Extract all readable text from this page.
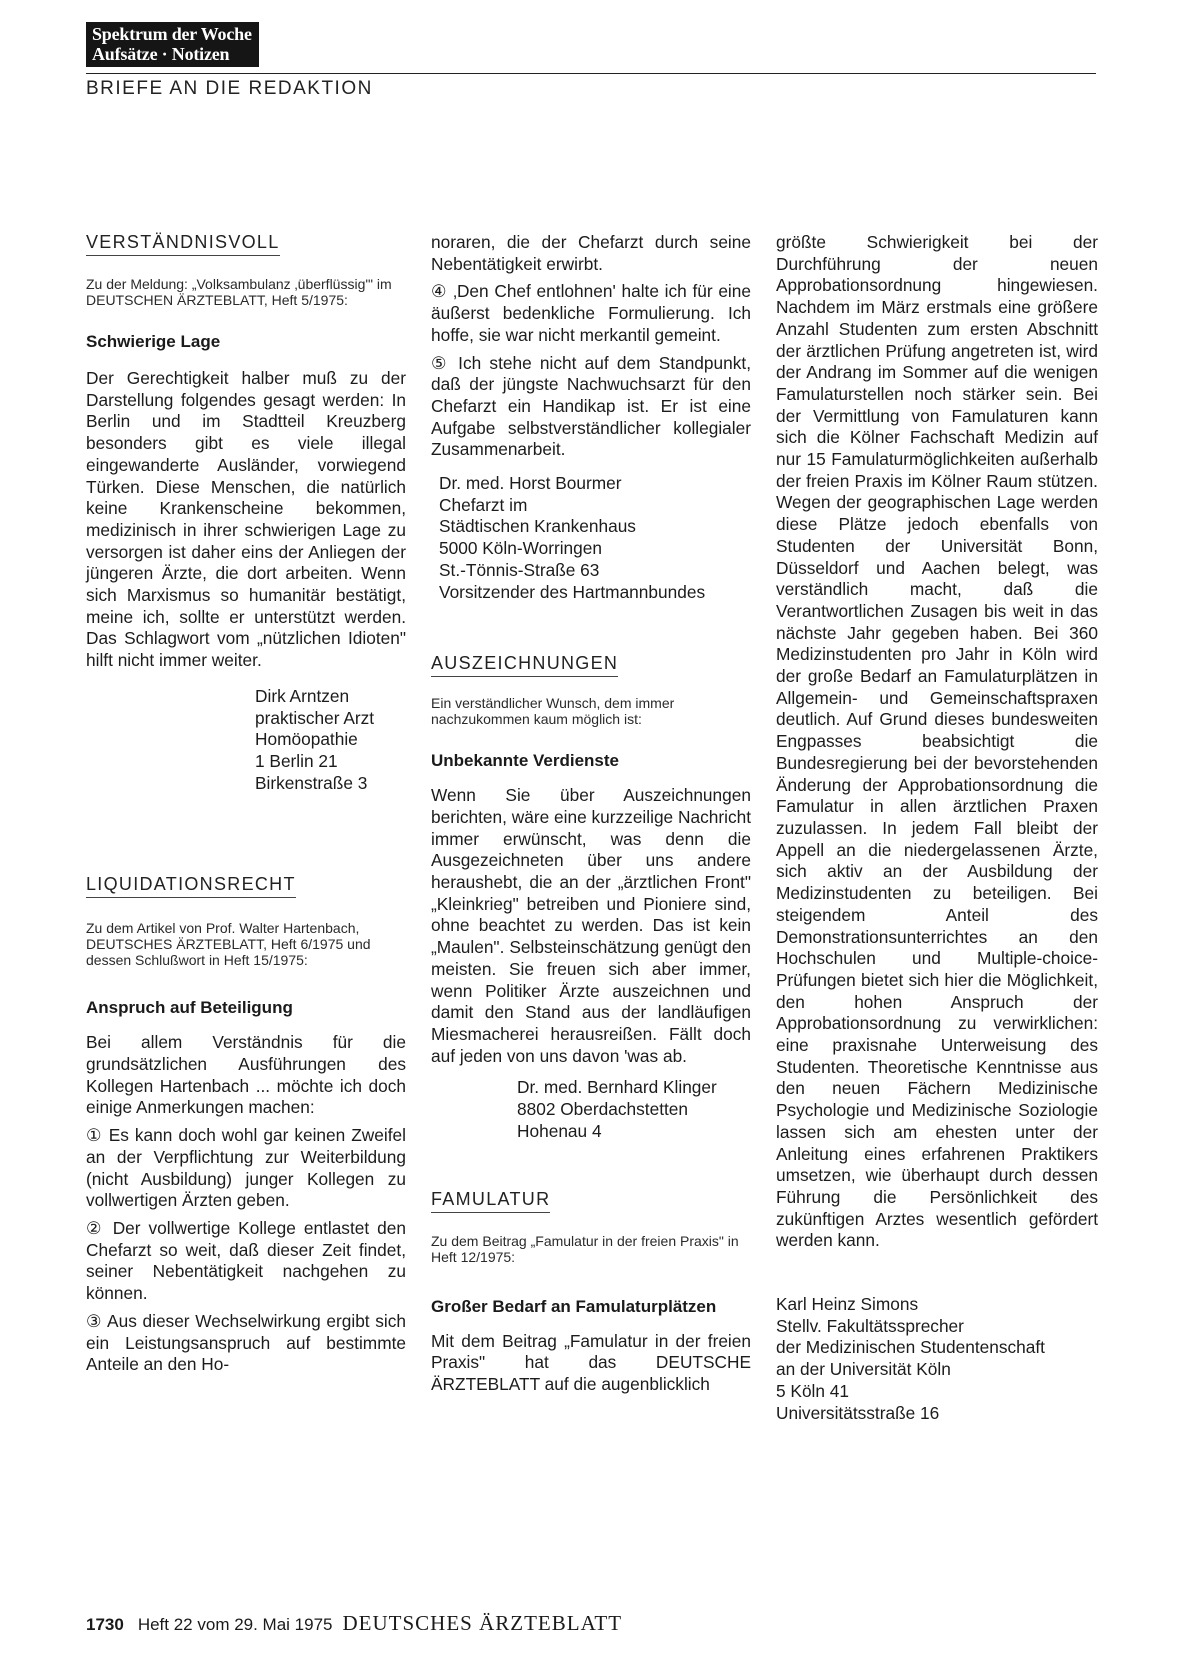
Spektrum der Woche
Aufsätze · Notizen
BRIEFE AN DIE REDAKTION
VERSTÄNDNISVOLL

Zu der Meldung: „Volksambulanz ‚überflüssig'" im DEUTSCHEN ÄRZTEBLATT, Heft 5/1975:

Schwierige Lage

Der Gerechtigkeit halber muß zu der Darstellung folgendes gesagt werden: In Berlin und im Stadtteil Kreuzberg besonders gibt es viele illegal eingewanderte Ausländer, vorwiegend Türken. Diese Menschen, die natürlich keine Krankenscheine bekommen, medizinisch in ihrer schwierigen Lage zu versorgen ist daher eins der Anliegen der jüngeren Ärzte, die dort arbeiten. Wenn sich Marxismus so humanitär bestätigt, meine ich, sollte er unterstützt werden. Das Schlagwort vom „nützlichen Idioten" hilft nicht immer weiter.

Dirk Arntzen
praktischer Arzt
Homöopathie
1 Berlin 21
Birkenstraße 3
LIQUIDATIONSRECHT

Zu dem Artikel von Prof. Walter Hartenbach, DEUTSCHES ÄRZTEBLATT, Heft 6/1975 und dessen Schlußwort in Heft 15/1975:

Anspruch auf Beteiligung

Bei allem Verständnis für die grundsätzlichen Ausführungen des Kollegen Hartenbach ... möchte ich doch einige Anmerkungen machen:

① Es kann doch wohl gar keinen Zweifel an der Verpflichtung zur Weiterbildung (nicht Ausbildung) junger Kollegen zu vollwertigen Ärzten geben.

② Der vollwertige Kollege entlastet den Chefarzt so weit, daß dieser Zeit findet, seiner Nebentätigkeit nachgehen zu können.

③ Aus dieser Wechselwirkung ergibt sich ein Leistungsanspruch auf bestimmte Anteile an den Ho-

noraren, die der Chefarzt durch seine Nebentätigkeit erwirbt.

④ ‚Den Chef entlohnen' halte ich für eine äußerst bedenkliche Formulierung. Ich hoffe, sie war nicht merkantil gemeint.

⑤ Ich stehe nicht auf dem Standpunkt, daß der jüngste Nachwuchsarzt für den Chefarzt ein Handikap ist. Er ist eine Aufgabe selbstverständlicher kollegialer Zusammenarbeit.

Dr. med. Horst Bourmer
Chefarzt im
Städtischen Krankenhaus
5000 Köln-Worringen
St.-Tönnis-Straße 63
Vorsitzender des Hartmannbundes
AUSZEICHNUNGEN

Ein verständlicher Wunsch, dem immer nachzukommen kaum möglich ist:

Unbekannte Verdienste

Wenn Sie über Auszeichnungen berichten, wäre eine kurzzeilige Nachricht immer erwünscht, was denn die Ausgezeichneten über uns andere heraushebt, die an der „ärztlichen Front" „Kleinkrieg" betreiben und Pioniere sind, ohne beachtet zu werden. Das ist kein „Maulen". Selbsteinschätzung genügt den meisten. Sie freuen sich aber immer, wenn Politiker Ärzte auszeichnen und damit den Stand aus der landläufigen Miesmacherei herausreißen. Fällt doch auf jeden von uns davon 'was ab.

Dr. med. Bernhard Klinger
8802 Oberdachstetten
Hohenau 4
FAMULATUR

Zu dem Beitrag „Famulatur in der freien Praxis" in Heft 12/1975:

Großer Bedarf an Famulaturplätzen

Mit dem Beitrag „Famulatur in der freien Praxis" hat das DEUTSCHE ÄRZTEBLATT auf die augenblicklich

größte Schwierigkeit bei der Durchführung der neuen Approbationsordnung hingewiesen. Nachdem im März erstmals eine größere Anzahl Studenten zum ersten Abschnitt der ärztlichen Prüfung angetreten ist, wird der Andrang im Sommer auf die wenigen Famulaturstellen noch stärker sein. Bei der Vermittlung von Famulaturen kann sich die Kölner Fachschaft Medizin auf nur 15 Famulaturmöglichkeiten außerhalb der freien Praxis im Kölner Raum stützen. Wegen der geographischen Lage werden diese Plätze jedoch ebenfalls von Studenten der Universität Bonn, Düsseldorf und Aachen belegt, was verständlich macht, daß die Verantwortlichen Zusagen bis weit in das nächste Jahr gegeben haben. Bei 360 Medizinstudenten pro Jahr in Köln wird der große Bedarf an Famulaturplätzen in Allgemein- und Gemeinschaftspraxen deutlich. Auf Grund dieses bundesweiten Engpasses beabsichtigt die Bundesregierung bei der bevorstehenden Änderung der Approbationsordnung die Famulatur in allen ärztlichen Praxen zuzulassen. In jedem Fall bleibt der Appell an die niedergelassenen Ärzte, sich aktiv an der Ausbildung der Medizinstudenten zu beteiligen. Bei steigendem Anteil des Demonstrationsunterrichtes an den Hochschulen und Multiple-choice-Prüfungen bietet sich hier die Möglichkeit, den hohen Anspruch der Approbationsordnung zu verwirklichen: eine praxisnahe Unterweisung des Studenten. Theoretische Kenntnisse aus den neuen Fächern Medizinische Psychologie und Medizinische Soziologie lassen sich am ehesten unter der Anleitung eines erfahrenen Praktikers umsetzen, wie überhaupt durch dessen Führung die Persönlichkeit des zukünftigen Arztes wesentlich gefördert werden kann.

Karl Heinz Simons
Stellv. Fakultätssprecher
der Medizinischen Studentenschaft
an der Universität Köln
5 Köln 41
Universitätsstraße 16
1730 Heft 22 vom 29. Mai 1975 DEUTSCHES ÄRZTEBLATT
